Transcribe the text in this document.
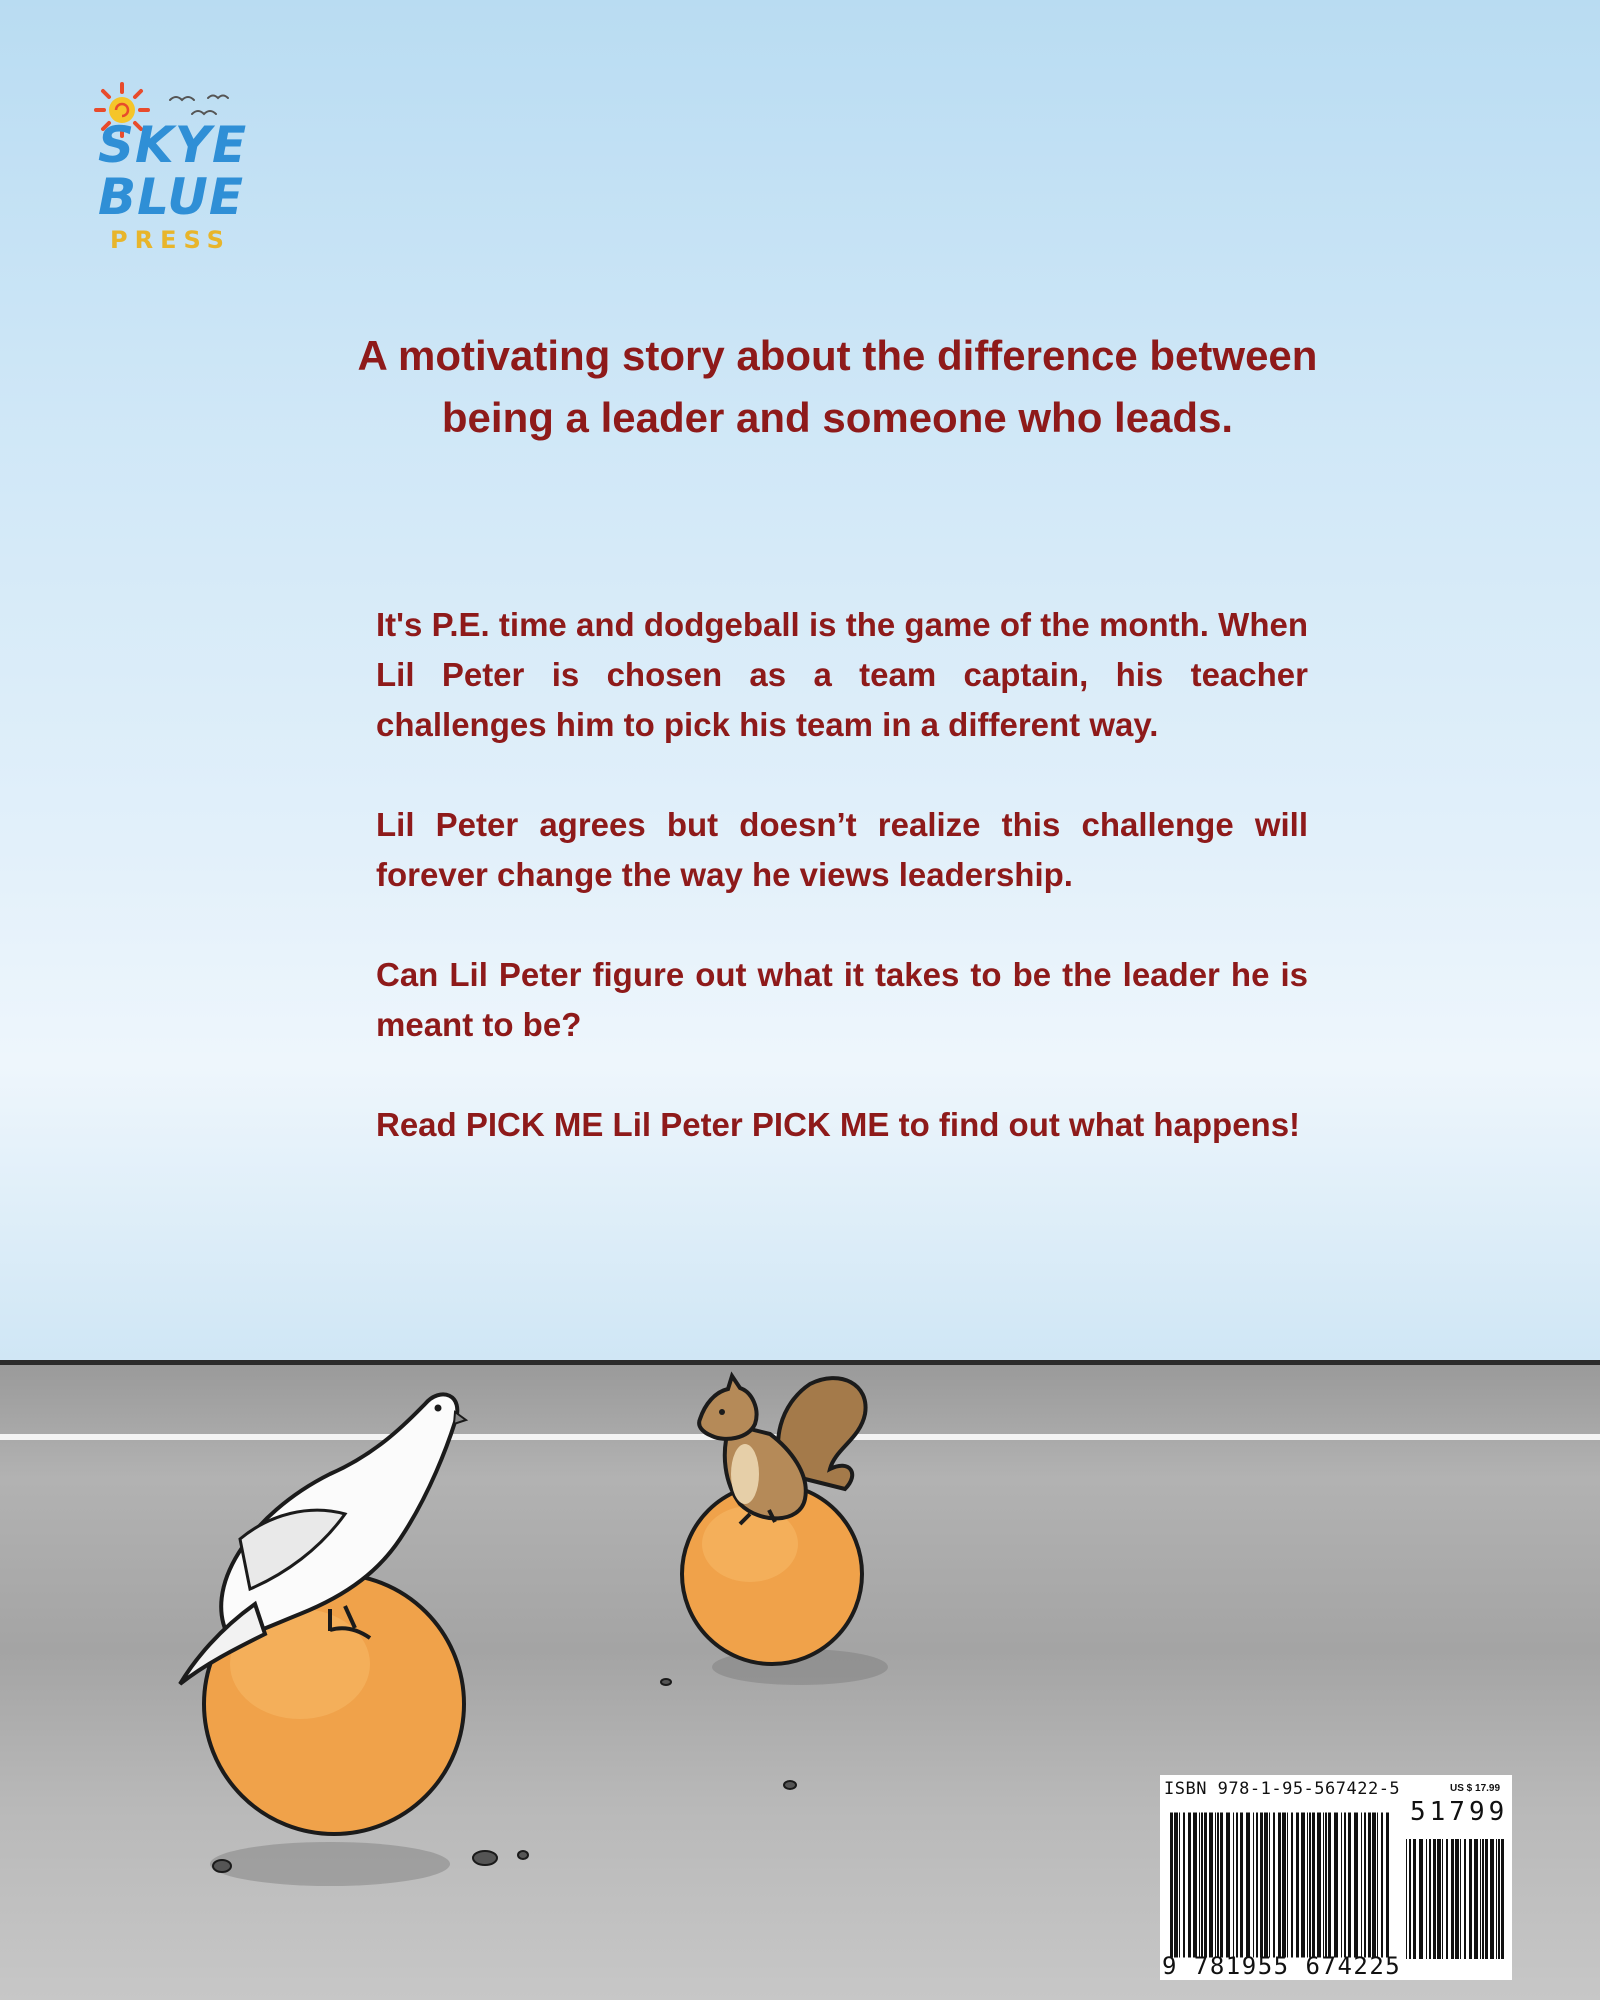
SKYE
BLUE
PRESS
A motivating story about the difference between
being a leader and someone who leads.

It's P.E. time and dodgeball is the game of the month. When Lil Peter is chosen as a team captain, his teacher challenges him to pick his team in a different way.

Lil Peter agrees but doesn’t realize this challenge will forever change the way he views leadership.

Can Lil Peter figure out what it takes to be the leader he is meant to be?

Read PICK ME Lil Peter PICK ME to find out what happens!

ISBN 978-1-95-567422-5	US $ 17.99
51799
9 781955 674225
